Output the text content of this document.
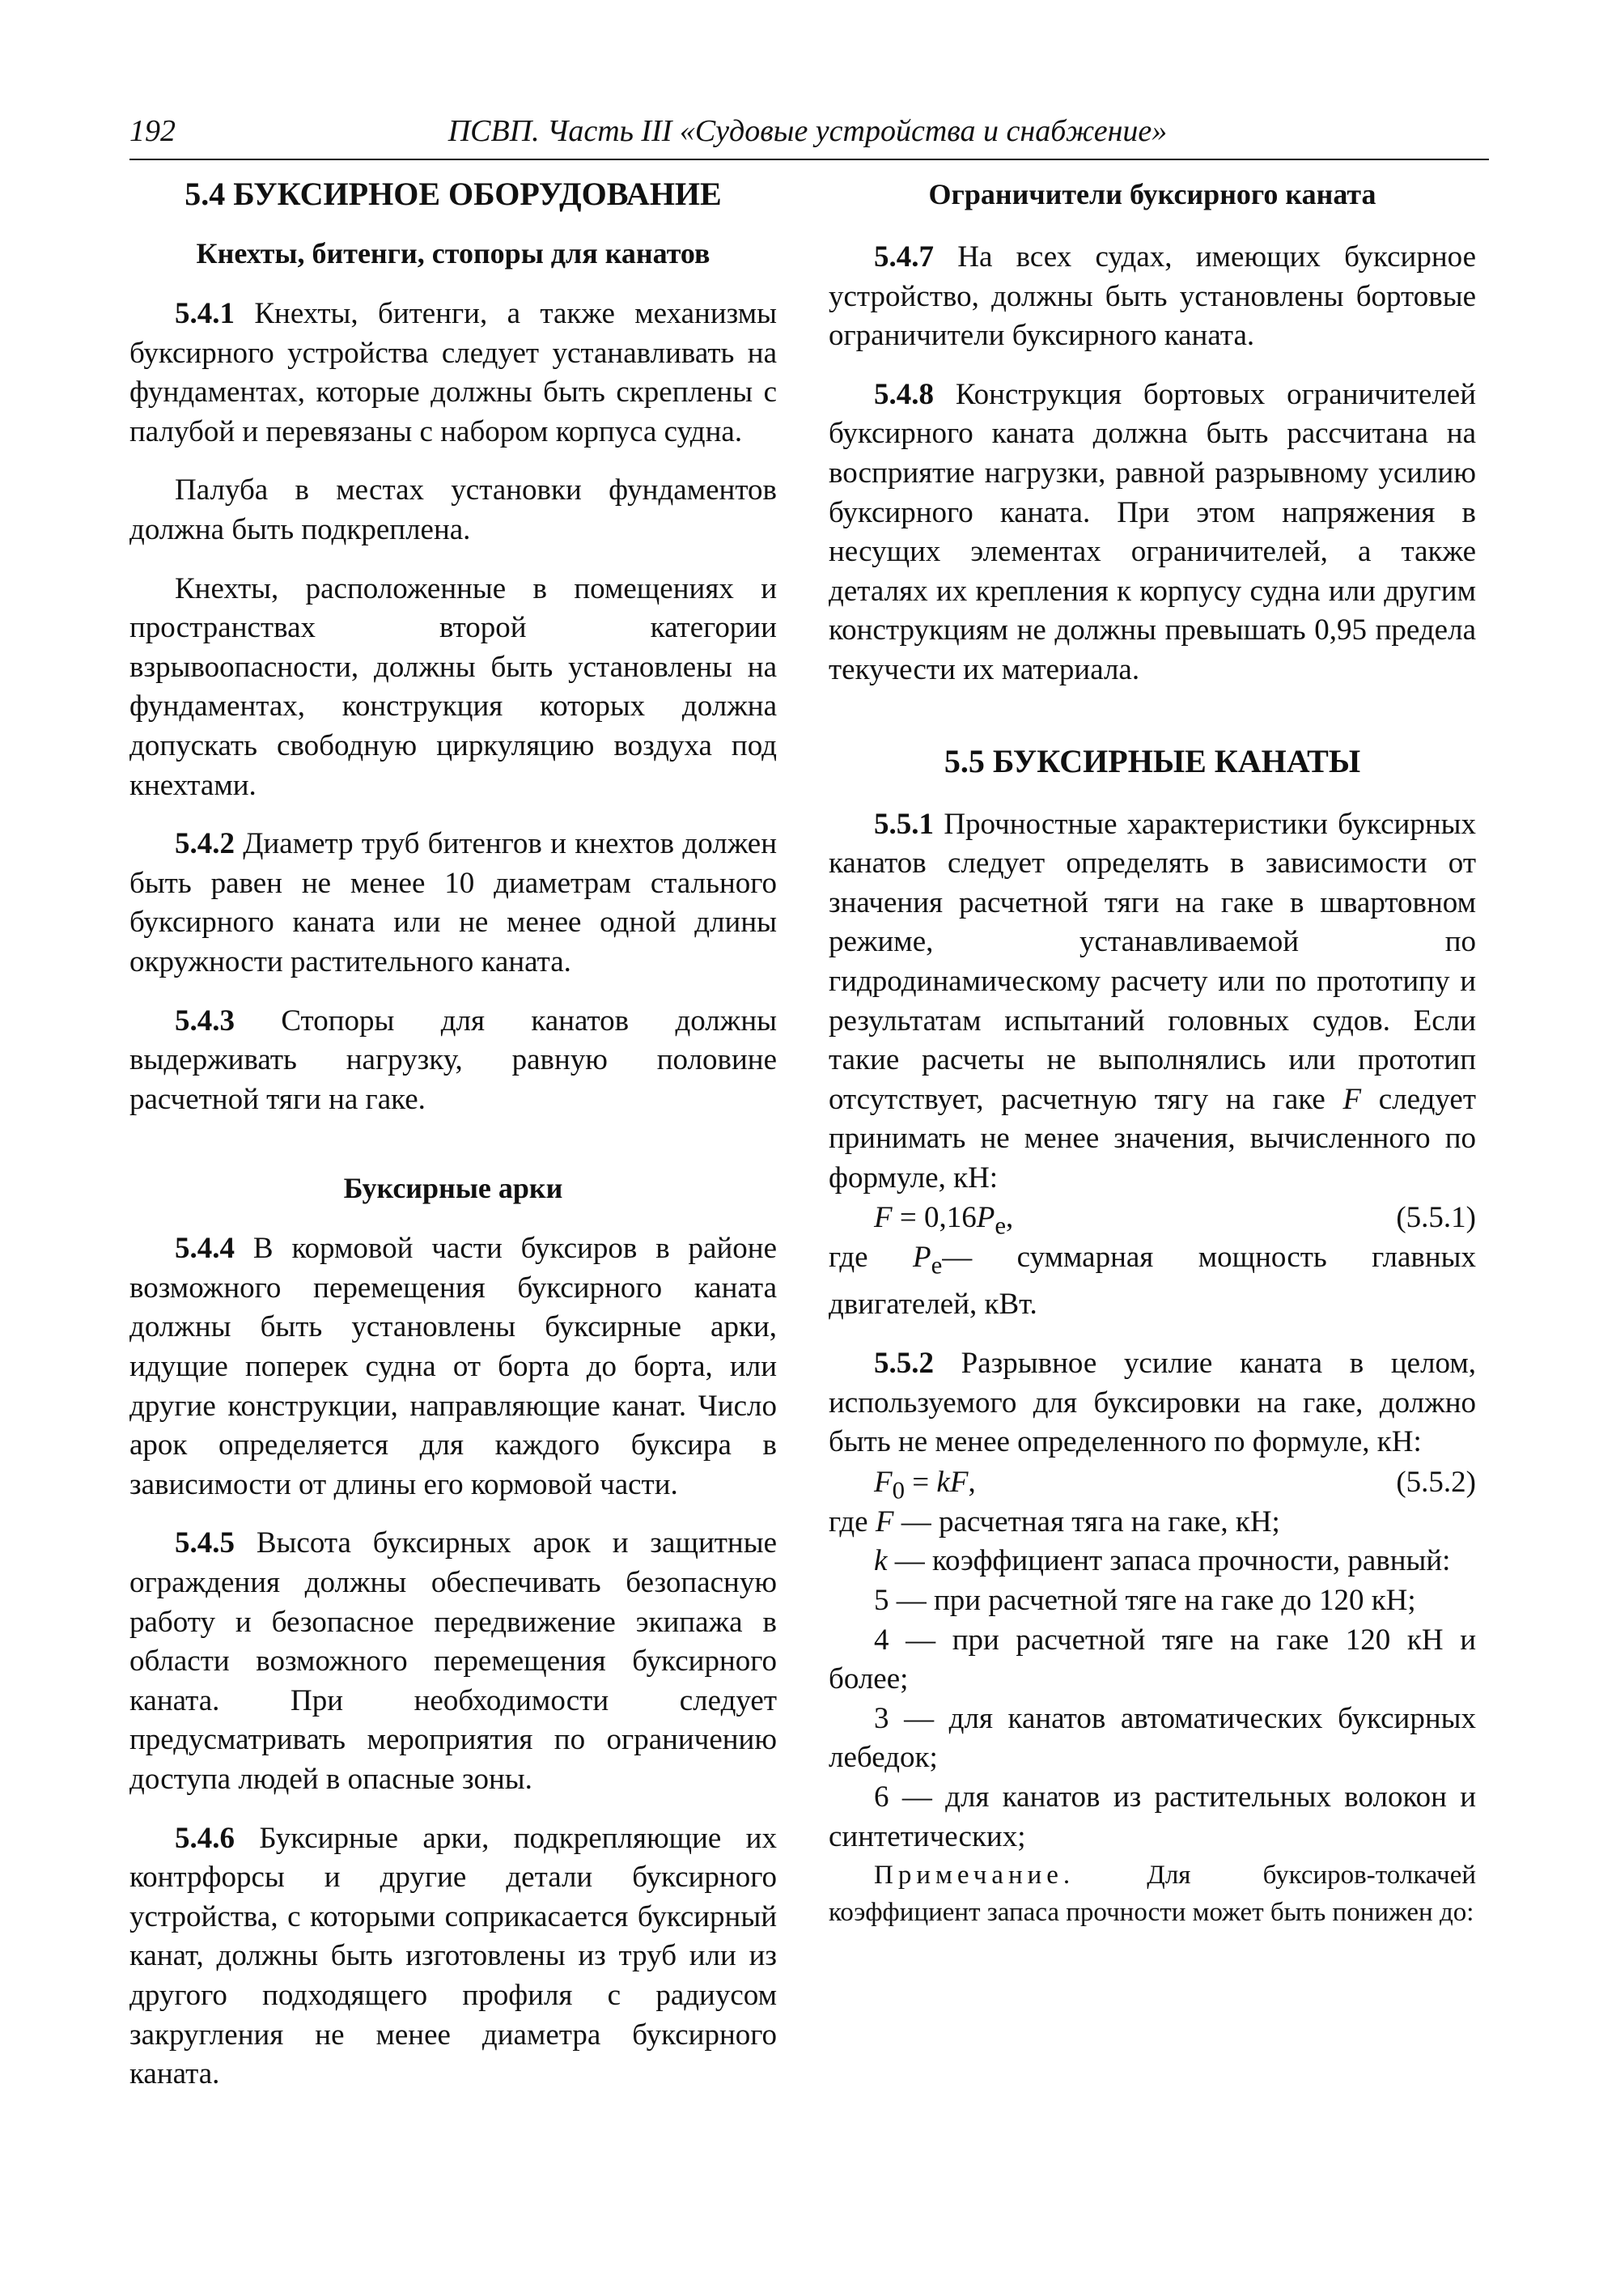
192	ПСВП. Часть III «Судовые устройства и снабжение»
5.4 БУКСИРНОЕ ОБОРУДОВАНИЕ
Кнехты, битенги, стопоры для канатов

5.4.1 Кнехты, битенги, а также механизмы буксирного устройства следует устанавливать на фундаментах, которые должны быть скреплены с палубой и перевязаны с набором корпуса судна.

Палуба в местах установки фундаментов должна быть подкреплена.

Кнехты, расположенные в помещениях и пространствах второй категории взрывоопасности, должны быть установлены на фундаментах, конструкция которых должна допускать свободную циркуляцию воздуха под кнехтами.

5.4.2 Диаметр труб битенгов и кнехтов должен быть равен не менее 10 диаметрам стального буксирного каната или не менее одной длины окружности растительного каната.

5.4.3 Стопоры для канатов должны выдерживать нагрузку, равную половине расчетной тяги на гаке.

Буксирные арки

5.4.4 В кормовой части буксиров в районе возможного перемещения буксирного каната должны быть установлены буксирные арки, идущие поперек судна от борта до борта, или другие конструкции, направляющие канат. Число арок определяется для каждого буксира в зависимости от длины его кормовой части.

5.4.5 Высота буксирных арок и защитные ограждения должны обеспечивать безопасную работу и безопасное передвижение экипажа в области возможного перемещения буксирного каната. При необходимости следует предусматривать мероприятия по ограничению доступа людей в опасные зоны.

5.4.6 Буксирные арки, подкрепляющие их контрфорсы и другие детали буксирного устройства, с которыми соприкасается буксирный канат, должны быть изготовлены из труб или из другого подходящего профиля с радиусом закругления не менее диаметра буксирного каната.

Ограничители буксирного каната

5.4.7 На всех судах, имеющих буксирное устройство, должны быть установлены бортовые ограничители буксирного каната.

5.4.8 Конструкция бортовых ограничителей буксирного каната должна быть рассчитана на восприятие нагрузки, равной разрывному усилию буксирного каната. При этом напряжения в несущих элементах ограничителей, а также деталях их крепления к корпусу судна или другим конструкциям не должны превышать 0,95 предела текучести их материала.

5.5 БУКСИРНЫЕ КАНАТЫ

5.5.1 Прочностные характеристики буксирных канатов следует определять в зависимости от значения расчетной тяги на гаке в швартовном режиме, устанавливаемой по гидродинамическому расчету или по прототипу и результатам испытаний головных судов. Если такие расчеты не выполнялись или прототип отсутствует, расчетную тягу на гаке F следует принимать не менее значения, вычисленного по формуле, кН:

$F = 0,16P_e$,	(5.5.1)

где $P_e—$ суммарная мощность главных двигателей, кВт.

5.5.2 Разрывное усилие каната в целом, используемого для буксировки на гаке, должно быть не менее определенного по формуле, кН:

$F_0$ = kF,	(5.5.2)

где F — расчетная тяга на гаке, кН;

k — коэффициент запаса прочности, равный:

5 — при расчетной тяге на гаке до 120 кН;

4 — при расчетной тяге на гаке 120 кН и более;

3 — для канатов автоматических буксирных лебедок;

6 — для канатов из растительных волокон и синтетических;

Примечание. Для буксиров-толкачей коэффициент запаса прочности может быть понижен до:
